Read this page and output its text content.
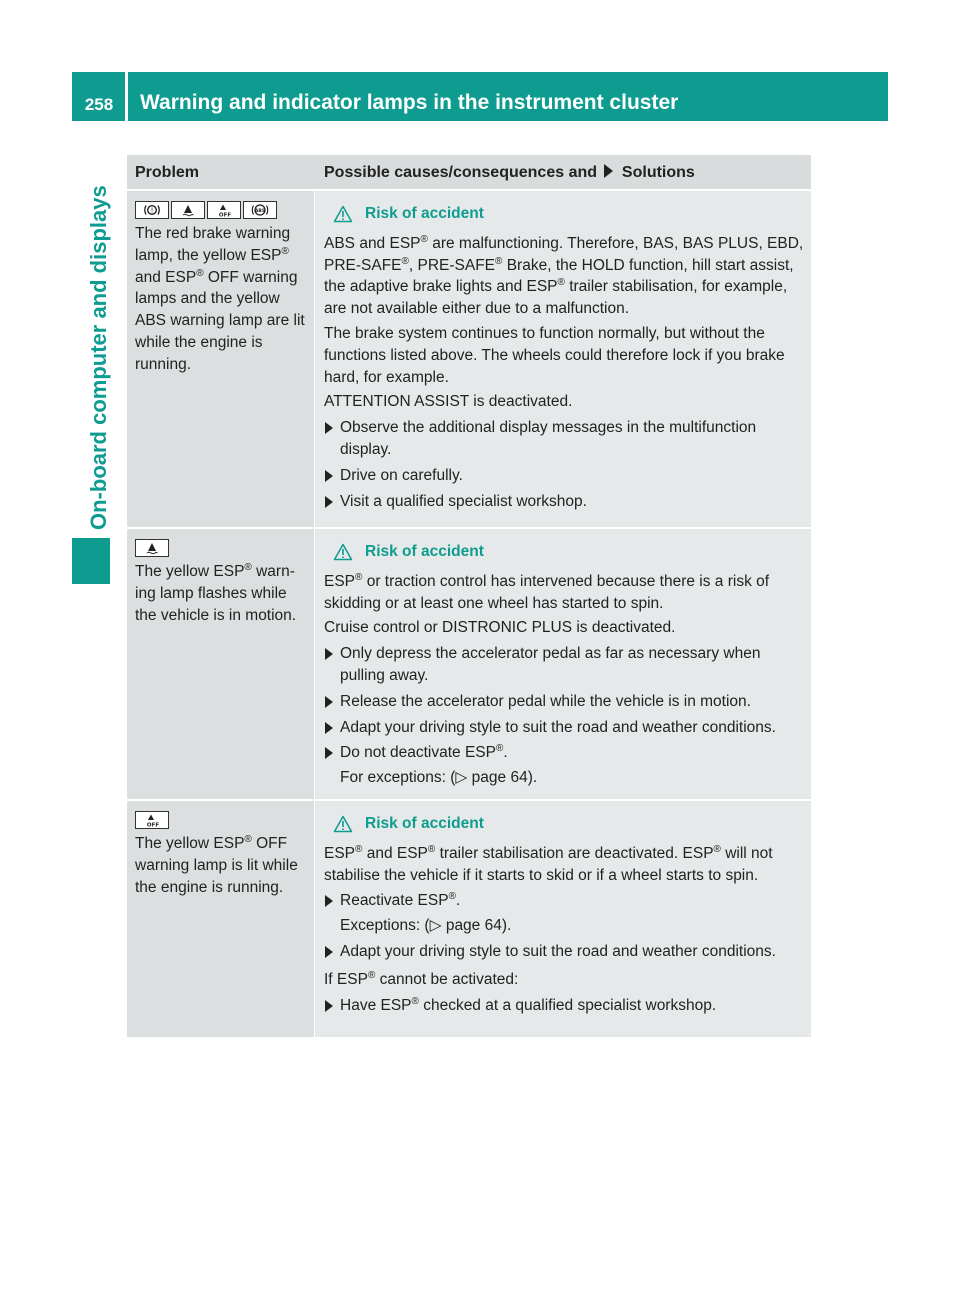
258	Warning and indicator lamps in the instrument cluster
On-board computer and displays
Problem	Possible causes/consequences and Solutions
!
OFF
ABS
The red brake warning lamp, the yellow ESP® and ESP® OFF warning lamps and the yellow ABS warning lamp are lit while the engine is running.
Risk of accident
ABS and ESP® are malfunctioning. Therefore, BAS, BAS PLUS, EBD, PRE-SAFE®, PRE-SAFE® Brake, the HOLD function, hill start assist, the adaptive brake lights and ESP® trailer stabilisation, for example, are not available either due to a malfunction.
The brake system continues to function normally, but without the functions listed above. The wheels could therefore lock if you brake hard, for example.
ATTENTION ASSIST is deactivated.
Observe the additional display messages in the multifunction display.
Drive on carefully.
Visit a qualified specialist workshop.
The yellow ESP® warn-ing lamp flashes while the vehicle is in motion.
Risk of accident
ESP® or traction control has intervened because there is a risk of skidding or at least one wheel has started to spin.
Cruise control or DISTRONIC PLUS is deactivated.
Only depress the accelerator pedal as far as necessary when pulling away.
Release the accelerator pedal while the vehicle is in motion.
Adapt your driving style to suit the road and weather conditions.
Do not deactivate ESP®.
For exceptions: (▷ page 64).
OFF
The yellow ESP® OFF warning lamp is lit while the engine is running.
Risk of accident
ESP® and ESP® trailer stabilisation are deactivated. ESP® will not stabilise the vehicle if it starts to skid or if a wheel starts to spin.
Reactivate ESP®.
Exceptions: (▷ page 64).
Adapt your driving style to suit the road and weather conditions.
If ESP® cannot be activated:
Have ESP® checked at a qualified specialist workshop.
